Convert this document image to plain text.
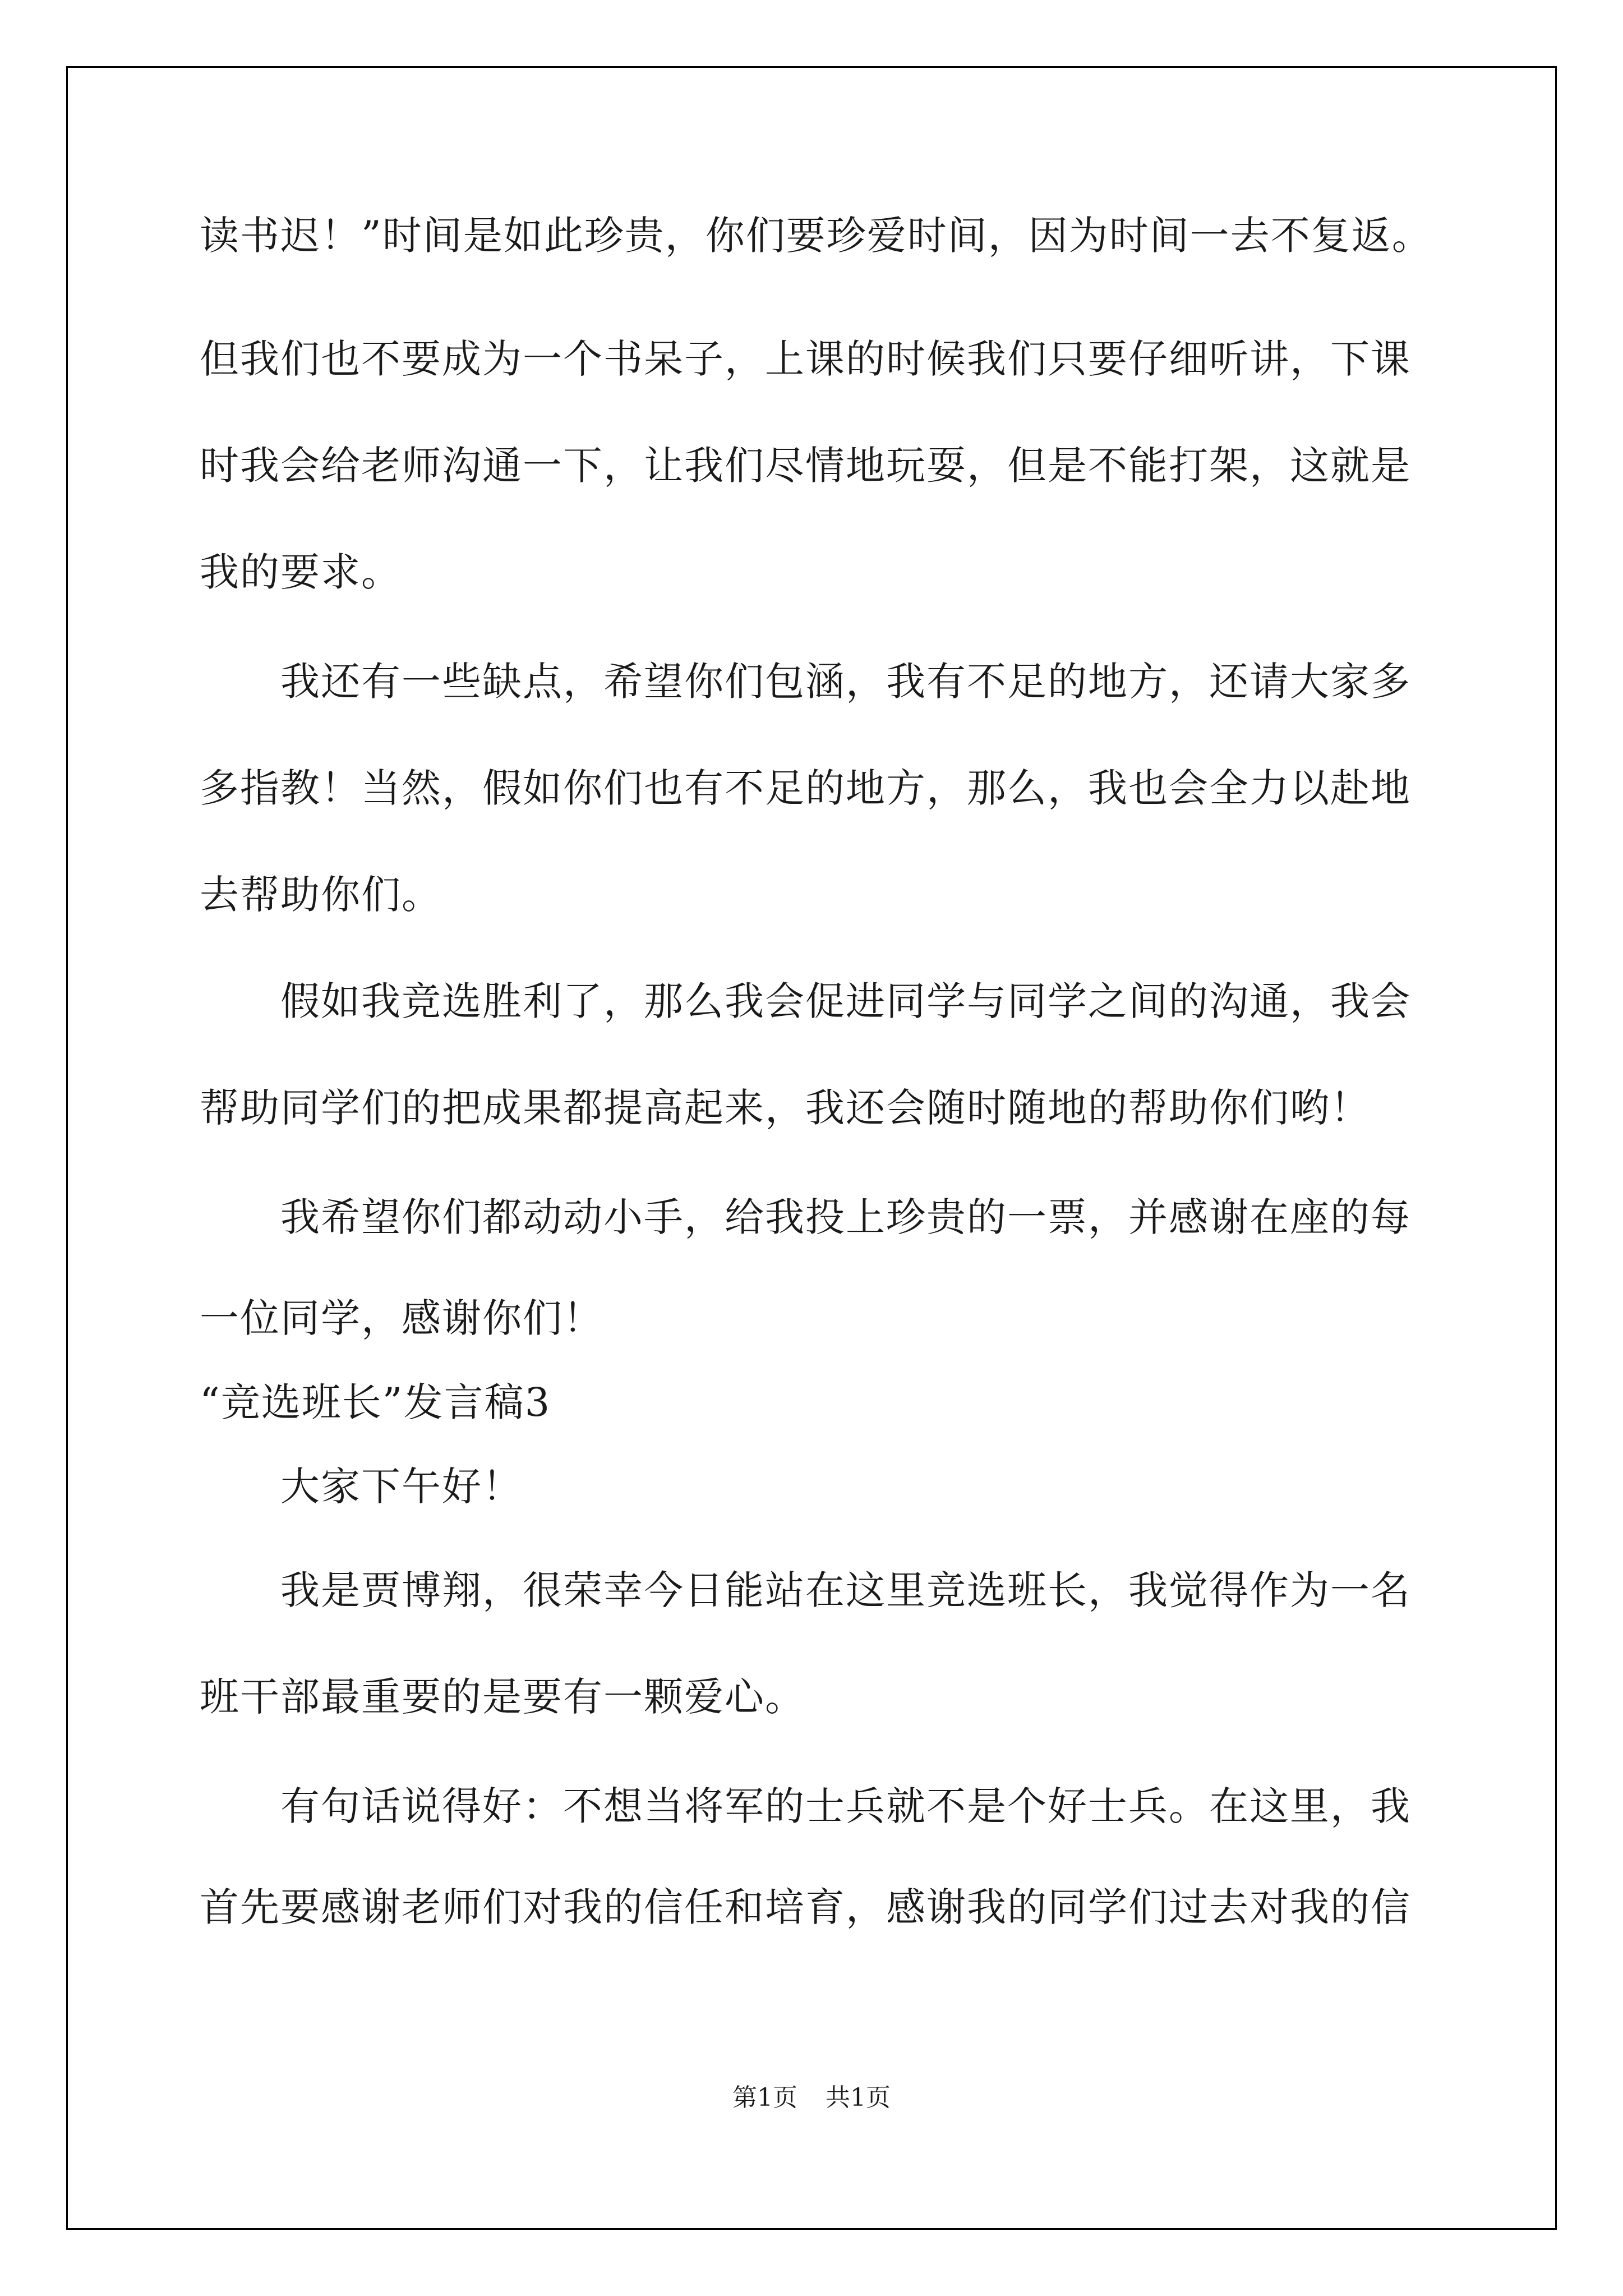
读书迟！”时间是如此珍贵，你们要珍爱时间，因为时间一去不复返。
但我们也不要成为一个书呆子，上课的时候我们只要仔细听讲，下课
时我会给老师沟通一下，让我们尽情地玩耍，但是不能打架，这就是
我的要求。
我还有一些缺点，希望你们包涵，我有不足的地方，还请大家多
多指教！当然，假如你们也有不足的地方，那么，我也会全力以赴地
去帮助你们。
假如我竞选胜利了，那么我会促进同学与同学之间的沟通，我会
帮助同学们的把成果都提高起来，我还会随时随地的帮助你们哟！
我希望你们都动动小手，给我投上珍贵的一票，并感谢在座的每
一位同学，感谢你们！
“竞选班长”发言稿3
大家下午好！
我是贾博翔，很荣幸今日能站在这里竞选班长，我觉得作为一名
班干部最重要的是要有一颗爱心。
有句话说得好：不想当将军的士兵就不是个好士兵。在这里，我
首先要感谢老师们对我的信任和培育，感谢我的同学们过去对我的信
第1页 共1页
